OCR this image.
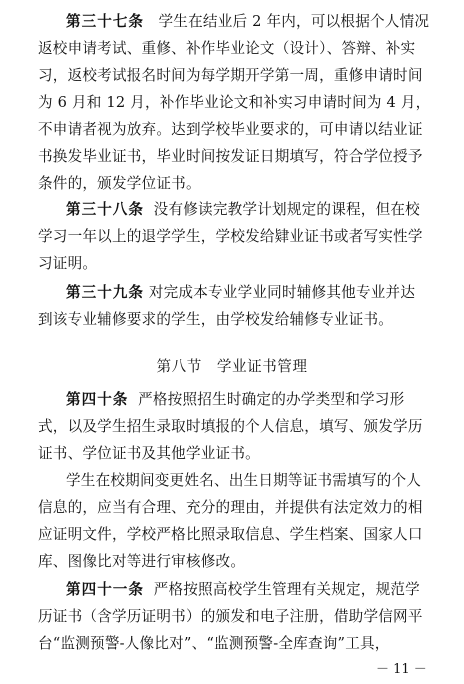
第三十七条 学生在结业后 2 年内，可以根据个人情况
返校申请考试、重修、补作毕业论文（设计）、答辩、补实
习，返校考试报名时间为每学期开学第一周，重修申请时间
为 6 月和 12 月，补作毕业论文和补实习申请时间为 4 月，
不申请者视为放弃。达到学校毕业要求的，可申请以结业证
书换发毕业证书，毕业时间按发证日期填写，符合学位授予
条件的，颁发学位证书。
第三十八条 没有修读完教学计划规定的课程，但在校
学习一年以上的退学学生，学校发给肄业证书或者写实性学
习证明。
第三十九条 对完成本专业学业同时辅修其他专业并达
到该专业辅修要求的学生，由学校发给辅修专业证书。
第八节　学业证书管理
第四十条 严格按照招生时确定的办学类型和学习形
式，以及学生招生录取时填报的个人信息，填写、颁发学历
证书、学位证书及其他学业证书。
学生在校期间变更姓名、出生日期等证书需填写的个人
信息的，应当有合理、充分的理由，并提供有法定效力的相
应证明文件，学校严格比照录取信息、学生档案、国家人口
库、图像比对等进行审核修改。
第四十一条 严格按照高校学生管理有关规定，规范学
历证书（含学历证明书）的颁发和电子注册，借助学信网平
台“监测预警-人像比对”、“监测预警-全库查询”工具，
－ 11 －
